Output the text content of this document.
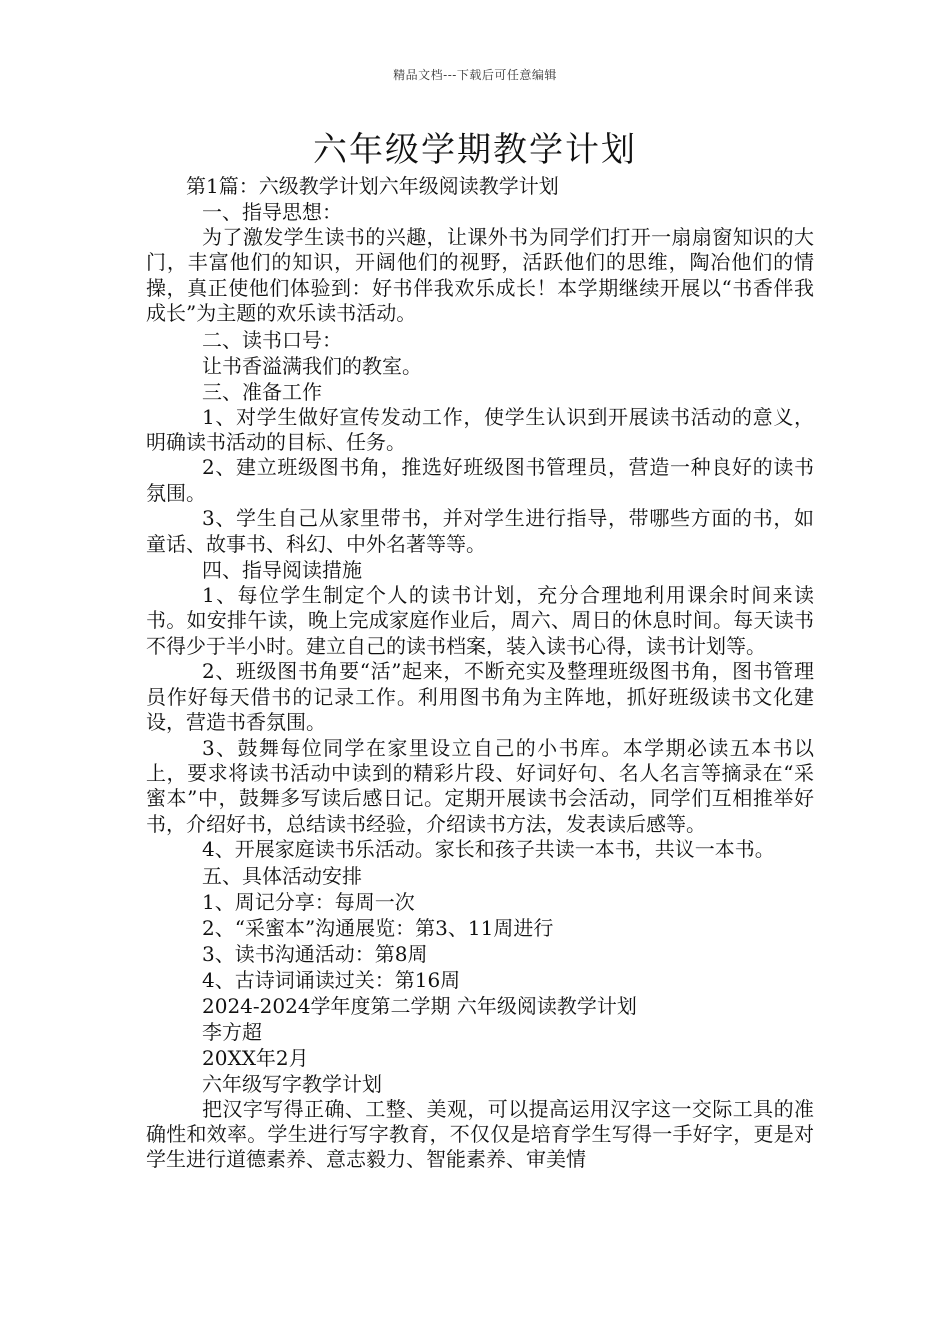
精品文档---下载后可任意编辑
六年级学期教学计划
第1篇：六级教学计划六年级阅读教学计划
一、指导思想：
为了激发学生读书的兴趣，让课外书为同学们打开一扇扇窗知识的大门，丰富他们的知识，开阔他们的视野，活跃他们的思维，陶冶他们的情操，真正使他们体验到：好书伴我欢乐成长！本学期继续开展以“书香伴我成长”为主题的欢乐读书活动。
二、读书口号：
让书香溢满我们的教室。
三、准备工作
1、对学生做好宣传发动工作，使学生认识到开展读书活动的意义，明确读书活动的目标、任务。
2、建立班级图书角，推选好班级图书管理员，营造一种良好的读书氛围。
3、学生自己从家里带书，并对学生进行指导，带哪些方面的书，如童话、故事书、科幻、中外名著等等。
四、指导阅读措施
1、每位学生制定个人的读书计划，充分合理地利用课余时间来读书。如安排午读，晚上完成家庭作业后，周六、周日的休息时间。每天读书不得少于半小时。建立自己的读书档案，装入读书心得，读书计划等。
2、班级图书角要“活”起来，不断充实及整理班级图书角，图书管理员作好每天借书的记录工作。利用图书角为主阵地，抓好班级读书文化建设，营造书香氛围。
3、鼓舞每位同学在家里设立自己的小书库。本学期必读五本书以上，要求将读书活动中读到的精彩片段、好词好句、名人名言等摘录在“采蜜本”中，鼓舞多写读后感日记。定期开展读书会活动，同学们互相推举好书，介绍好书，总结读书经验，介绍读书方法，发表读后感等。
4、开展家庭读书乐活动。家长和孩子共读一本书，共议一本书。
五、具体活动安排
1、周记分享：每周一次
2、“采蜜本”沟通展览：第3、11周进行
3、读书沟通活动：第8周
4、古诗词诵读过关：第16周
2024-2024学年度第二学期 六年级阅读教学计划
李方超
20XX年2月
六年级写字教学计划
把汉字写得正确、工整、美观，可以提高运用汉字这一交际工具的准确性和效率。学生进行写字教育，不仅仅是培育学生写得一手好字，更是对学生进行道德素养、意志毅力、智能素养、审美情
